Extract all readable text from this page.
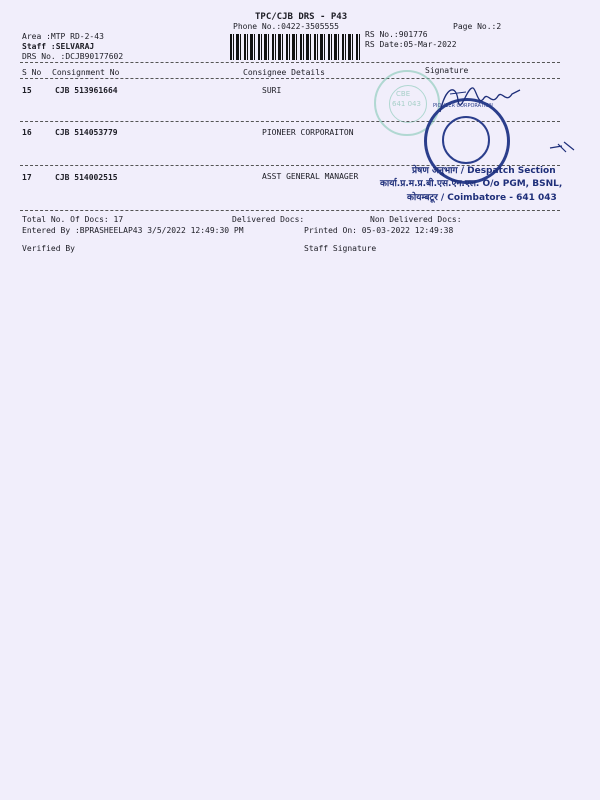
TPC/CJB DRS - P43
Phone No.:0422-3505555	Page No.:2
Area :MTP RD-2-43
Staff :SELVARAJ
DRS No. :DCJB90177602
RS No.:901776
RS Date:05-Mar-2022
S No Consignment No	Consignee Details	Signature
15	CJB 513961664	SURI
16	CJB 514053779	PIONEER CORPORAITON
17	CJB 514002515	ASST GENERAL MANAGER
CBE
641 043 PIONEER CORPORATION
प्रेषण अनुभाग / Despatch Section
कार्या.प्र.म.प्र.बी.एस.एन.एल. O/o PGM, BSNL,
कोयम्बटूर / Coimbatore - 641 043
Total No. Of Docs: 17	Delivered Docs:	Non Delivered Docs:
Entered By :BPRASHEELAP43 3/5/2022 12:49:30 PM	Printed On: 05-03-2022 12:49:38
Verified By	Staff Signature
